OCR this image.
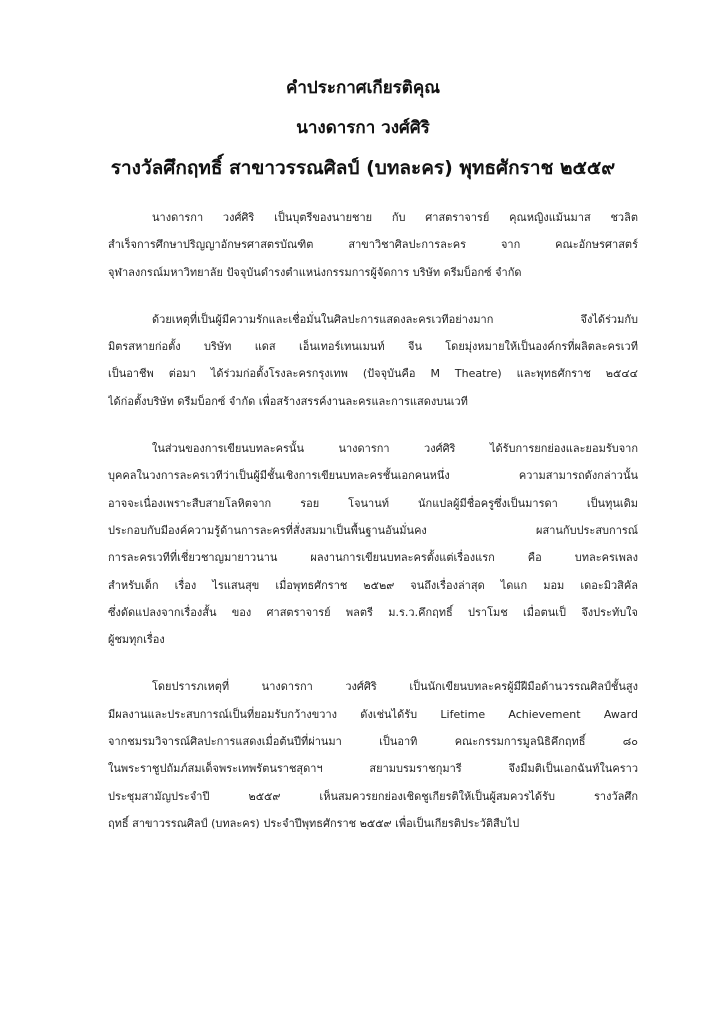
คำประกาศเกียรติคุณ
นางดารกา วงศ์ศิริ
รางวัลศึกฤทธิ์ สาขาวรรณศิลป์ (บทละคร) พุทธศักราช ๒๕๕๙
นางดารกา วงศ์ศิริ เป็นบุตรีของนายชาย กับ ศาสตราจารย์ คุณหญิงแม้นมาส ชวลิต
สำเร็จการศึกษาปริญญาอักษรศาสตรบัณฑิต สาขาวิชาศิลปะการละคร จาก คณะอักษรศาสตร์
จุฬาลงกรณ์มหาวิทยาลัย ปัจจุบันดำรงตำแหน่งกรรมการผู้จัดการ บริษัท ดรีมบ็อกซ์ จำกัด
ด้วยเหตุที่เป็นผู้มีความรักและเชื่อมั่นในศิลปะการแสดงละครเวทีอย่างมาก จึงได้ร่วมกับ
มิตรสหายก่อตั้ง บริษัท แดส เอ็นเทอร์เทนเมนท์ จีน โดยมุ่งหมายให้เป็นองค์กรที่ผลิตละครเวที
เป็นอาชีพ ต่อมา ได้ร่วมก่อตั้งโรงละครกรุงเทพ (ปัจจุบันคือ M Theatre) และพุทธศักราช ๒๕๔๔
ได้ก่อตั้งบริษัท ดรีมบ็อกซ์ จำกัด เพื่อสร้างสรรค์งานละครและการแสดงบนเวที
ในส่วนของการเขียนบทละครนั้น นางดารกา วงศ์ศิริ ได้รับการยกย่องและยอมรับจาก
บุคคลในวงการละครเวทีว่าเป็นผู้มีชั้นเชิงการเขียนบทละครชั้นเอกคนหนึ่ง ความสามารถดังกล่าวนั้น
อาจจะเนื่องเพราะสืบสายโลหิตจาก รอย โจนานท์ นักแปลผู้มีชื่อครูซึ่งเป็นมารดา เป็นทุนเดิม
ประกอบกับมีองค์ความรู้ด้านการละครที่สั่งสมมาเป็นพื้นฐานอันมั่นคง ผสานกับประสบการณ์
การละครเวทีที่เชี่ยวชาญมายาวนาน ผลงานการเขียนบทละครตั้งแต่เรื่องแรก คือ บทละครเพลง
สำหรับเด็ก เรื่อง ไรแสนสุข เมื่อพุทธศักราช ๒๕๒๙ จนถึงเรื่องล่าสุด ไดแก มอม เดอะมิวสิคัล
ซึ่งดัดแปลงจากเรื่องสั้น ของ ศาสตราจารย์ พลตรี ม.ร.ว.คึกฤทธิ์ ปราโมช เมื่อตนเป็ จึงประทับใจ
ผู้ชมทุกเรื่อง
โดยปรารภเหตุที่ นางดารกา วงศ์ศิริ เป็นนักเขียนบทละครผู้มีฝีมือด้านวรรณศิลป์ชั้นสูง
มีผลงานและประสบการณ์เป็นที่ยอมรับกว้างขวาง ดังเช่นได้รับ Lifetime Achievement Award
จากชมรมวิจารณ์ศิลปะการแสดงเมื่อต้นปีที่ผ่านมา เป็นอาทิ คณะกรรมการมูลนิธิคึกฤทธิ์ ๘๐
ในพระราชูปถัมภ์สมเด็จพระเทพรัตนราชสุดาฯ สยามบรมราชกุมารี จึงมีมติเป็นเอกฉันท์ในคราว
ประชุมสามัญประจำปี ๒๕๕๙ เห็นสมควรยกย่องเชิดชูเกียรติให้เป็นผู้สมควรได้รับ รางวัลศึก
ฤทธิ์ สาขาวรรณศิลป์ (บทละคร) ประจำปีพุทธศักราช ๒๕๕๙ เพื่อเป็นเกียรติประวัติสืบไป
